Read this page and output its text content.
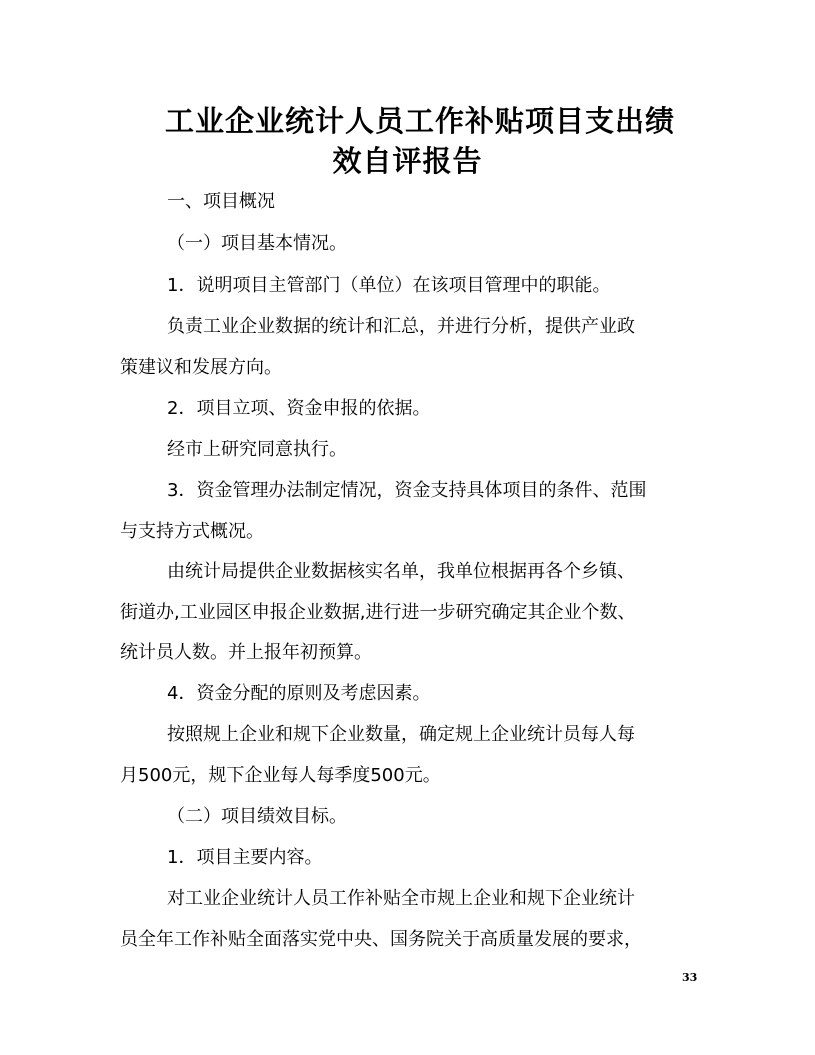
工业企业统计人员工作补贴项目支出绩
效自评报告
一、项目概况
（一）项目基本情况。
1．说明项目主管部门（单位）在该项目管理中的职能。
负责工业企业数据的统计和汇总，并进行分析，提供产业政
策建议和发展方向。
2．项目立项、资金申报的依据。
经市上研究同意执行。
3．资金管理办法制定情况，资金支持具体项目的条件、范围
与支持方式概况。
由统计局提供企业数据核实名单，我单位根据再各个乡镇、
街道办,工业园区申报企业数据,进行进一步研究确定其企业个数、
统计员人数。并上报年初预算。
4．资金分配的原则及考虑因素。
按照规上企业和规下企业数量，确定规上企业统计员每人每
月500元，规下企业每人每季度500元。
（二）项目绩效目标。
1．项目主要内容。
对工业企业统计人员工作补贴全市规上企业和规下企业统计
员全年工作补贴全面落实党中央、国务院关于高质量发展的要求，
33
